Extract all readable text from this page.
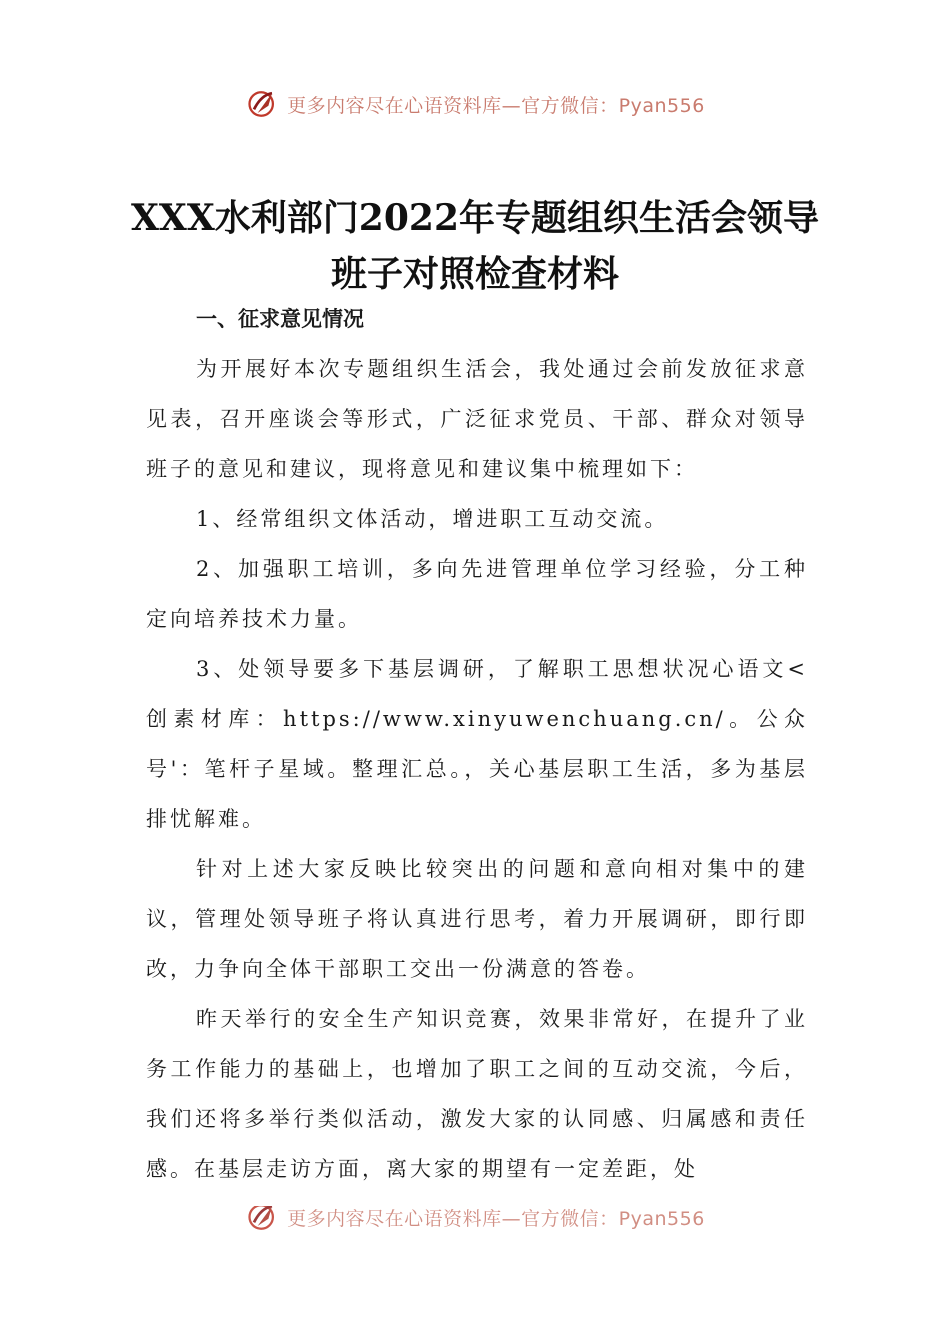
更多内容尽在心语资料库—官方微信：Pyan556
XXX水利部门2022年专题组织生活会领导
班子对照检查材料

一、征求意见情况

为开展好本次专题组织生活会，我处通过会前发放征求意见表，召开座谈会等形式，广泛征求党员、干部、群众对领导班子的意见和建议，现将意见和建议集中梳理如下：

1、经常组织文体活动，增进职工互动交流。

2、加强职工培训，多向先进管理单位学习经验，分工种定向培养技术力量。

3、处领导要多下基层调研，了解职工思想状况心语文<创素材库：https://www.xinyuwenchuang.cn/。公众号'：笔杆子星域。整理汇总。，关心基层职工生活，多为基层排忧解难。

针对上述大家反映比较突出的问题和意向相对集中的建议，管理处领导班子将认真进行思考，着力开展调研，即行即改，力争向全体干部职工交出一份满意的答卷。

昨天举行的安全生产知识竞赛，效果非常好，在提升了业务工作能力的基础上，也增加了职工之间的互动交流，今后，我们还将多举行类似活动，激发大家的认同感、归属感和责任感。在基层走访方面，离大家的期望有一定差距，处

更多内容尽在心语资料库—官方微信：Pyan556
